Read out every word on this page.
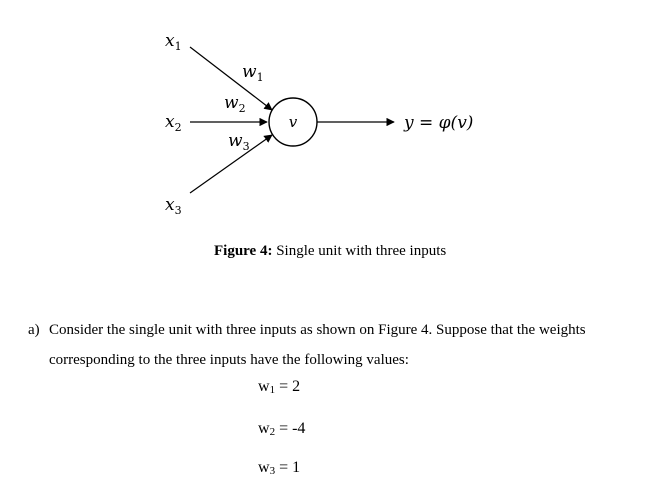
v	y = φ(v)
$x_1$
$x_2$
$x_3$
$w_1$
$w_2$
$w_3$
Figure 4: Single unit with three inputs
a) Consider the single unit with three inputs as shown on Figure 4. Suppose that the weights corresponding to the three inputs have the following values:
w1 = 2
w2 = -4
w3 = 1
